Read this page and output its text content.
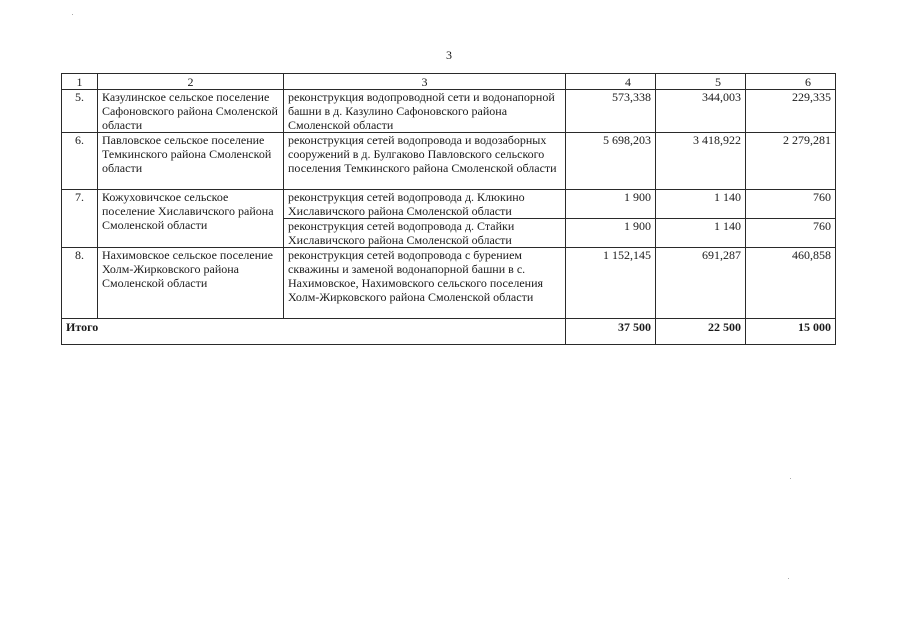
3
1	2	3	4	5	6
5.	Казулинское сельское поселение Сафоновского района Смоленской области	реконструкция водопроводной сети и водонапорной башни в д. Казулино Сафоновского района Смоленской области	573,338	344,003	229,335
6.	Павловское сельское поселение Темкинского района Смоленской области	реконструкция сетей водопровода и водозаборных сооружений в д. Булгаково Павловского сельского поселения Темкинского района Смоленской области	5 698,203	3 418,922	2 279,281
7.	Кожуховичское сельское поселение Хиславичского района Смоленской области	реконструкция сетей водопровода д. Клюкино Хиславичского района Смоленской области	1 900	1 140	760
		реконструкция сетей водопровода д. Стайки Хиславичского района Смоленской области	1 900	1 140	760
8.	Нахимовское сельское поселение Холм-Жирковского района Смоленской области	реконструкция сетей водопровода с бурением скважины и заменой водонапорной башни в с. Нахимовское, Нахимовского сельского поселения Холм-Жирковского района Смоленской области	1 152,145	691,287	460,858
Итого			37 500	22 500	15 000
